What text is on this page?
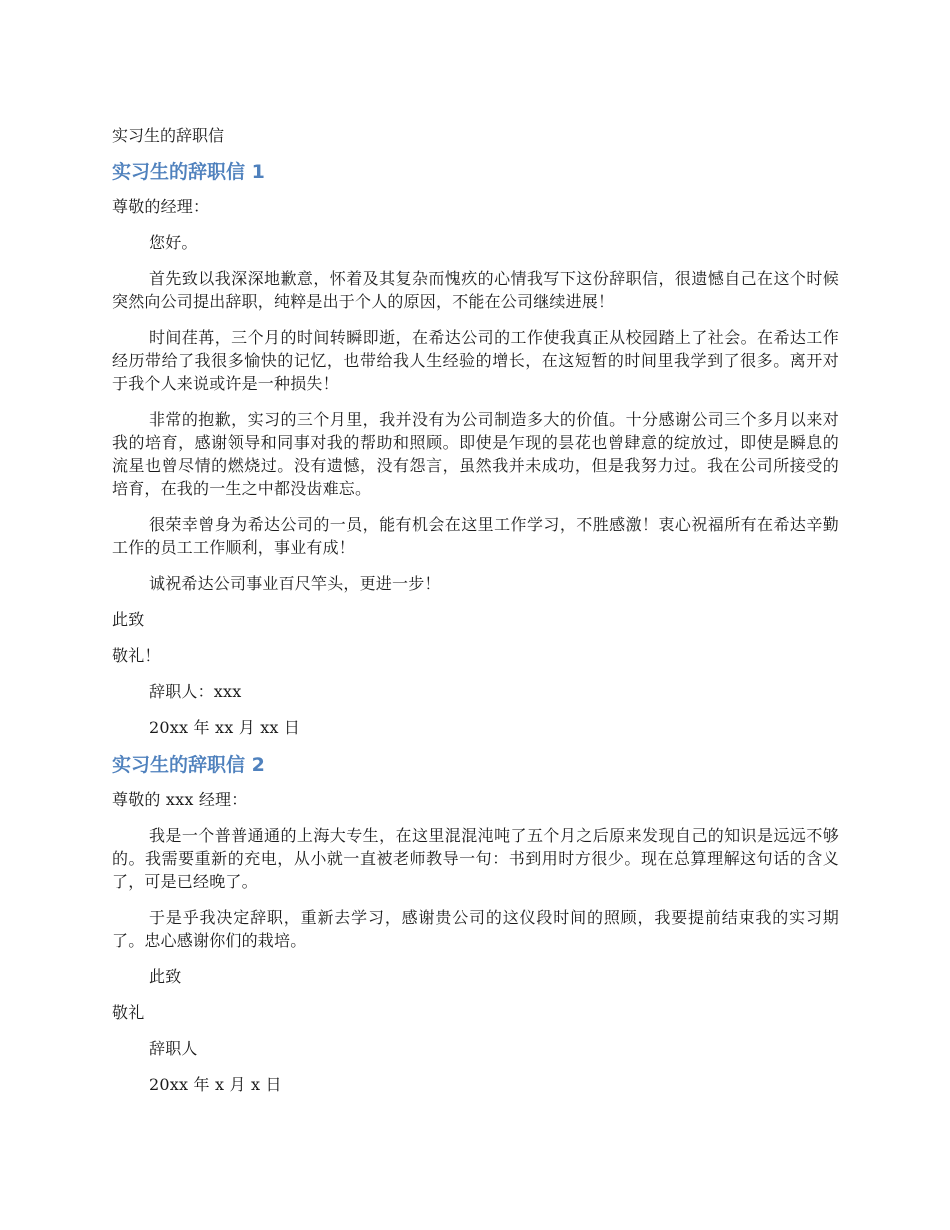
实习生的辞职信
实习生的辞职信 1
尊敬的经理：
您好。
首先致以我深深地歉意，怀着及其复杂而愧疚的心情我写下这份辞职信，很遗憾自己在这个时候突然向公司提出辞职，纯粹是出于个人的原因，不能在公司继续进展！
时间荏苒，三个月的时间转瞬即逝，在希达公司的工作使我真正从校园踏上了社会。在希达工作经历带给了我很多愉快的记忆，也带给我人生经验的增长，在这短暂的时间里我学到了很多。离开对于我个人来说或许是一种损失！
非常的抱歉，实习的三个月里，我并没有为公司制造多大的价值。十分感谢公司三个多月以来对我的培育，感谢领导和同事对我的帮助和照顾。即使是乍现的昙花也曾肆意的绽放过，即使是瞬息的流星也曾尽情的燃烧过。没有遗憾，没有怨言，虽然我并未成功，但是我努力过。我在公司所接受的培育，在我的一生之中都没齿难忘。
很荣幸曾身为希达公司的一员，能有机会在这里工作学习，不胜感激！衷心祝福所有在希达辛勤工作的员工工作顺利，事业有成！
诚祝希达公司事业百尺竿头，更进一步！
此致
敬礼！
辞职人：xxx
20xx 年 xx 月 xx 日
实习生的辞职信 2
尊敬的 xxx 经理：
我是一个普普通通的上海大专生，在这里混混沌吨了五个月之后原来发现自己的知识是远远不够的。我需要重新的充电，从小就一直被老师教导一句：书到用时方很少。现在总算理解这句话的含义了，可是已经晚了。
于是乎我决定辞职，重新去学习，感谢贵公司的这仪段时间的照顾，我要提前结束我的实习期了。忠心感谢你们的栽培。
此致
敬礼
辞职人
20xx 年 x 月 x 日
